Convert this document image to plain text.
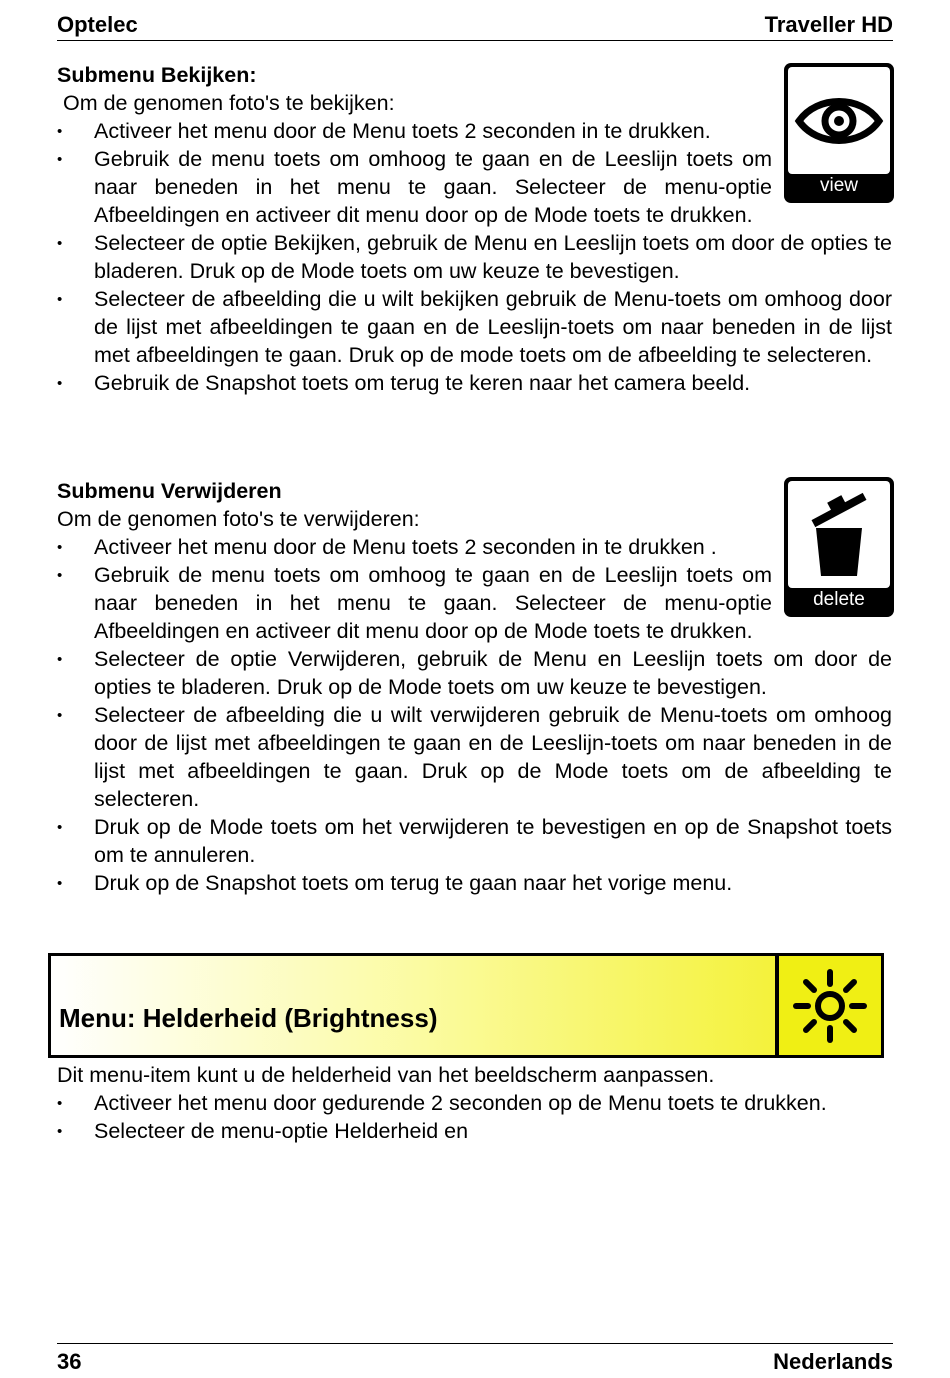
Optelec	Traveller HD
view
Submenu Bekijken:
Om de genomen foto's te bekijken:
• Activeer het menu door de Menu toets 2 seconden in te drukken.
• Gebruik de menu toets om omhoog te gaan en de Leeslijn toets om naar beneden in het menu te gaan. Selecteer de menu-optie Afbeeldingen en activeer dit menu door op de Mode toets te drukken.
• Selecteer de optie Bekijken, gebruik de Menu en Leeslijn toets om door de opties te bladeren. Druk op de Mode toets om uw keuze te bevestigen.
• Selecteer de afbeelding die u wilt bekijken gebruik de Menu-toets om omhoog door de lijst met afbeeldingen te gaan en de Leeslijn-toets om naar beneden in de lijst met afbeeldingen te gaan. Druk op de mode toets om de afbeelding te selecteren.
• Gebruik de Snapshot toets om terug te keren naar het camera beeld.
delete
Submenu Verwijderen
Om de genomen foto's te verwijderen:
• Activeer het menu door de Menu toets 2 seconden in te drukken .
• Gebruik de menu toets om omhoog te gaan en de Leeslijn toets om naar beneden in het menu te gaan. Selecteer de menu-optie Afbeeldingen en activeer dit menu door op de Mode toets te drukken.
• Selecteer de optie Verwijderen, gebruik de Menu en Leeslijn toets om door de opties te bladeren. Druk op de Mode toets om uw keuze te bevestigen.
• Selecteer de afbeelding die u wilt verwijderen gebruik de Menu-toets om omhoog door de lijst met afbeeldingen te gaan en de Leeslijn-toets om naar beneden in de lijst met afbeeldingen te gaan. Druk op de Mode toets om de afbeelding te selecteren.
• Druk op de Mode toets om het verwijderen te bevestigen en op de Snapshot toets om te annuleren.
• Druk op de Snapshot toets om terug te gaan naar het vorige menu.
Menu: Helderheid (Brightness)
Dit menu-item kunt u de helderheid van het beeldscherm aanpassen.
• Activeer het menu door gedurende 2 seconden op de Menu toets te drukken.
• Selecteer de menu-optie Helderheid en
36	Nederlands
